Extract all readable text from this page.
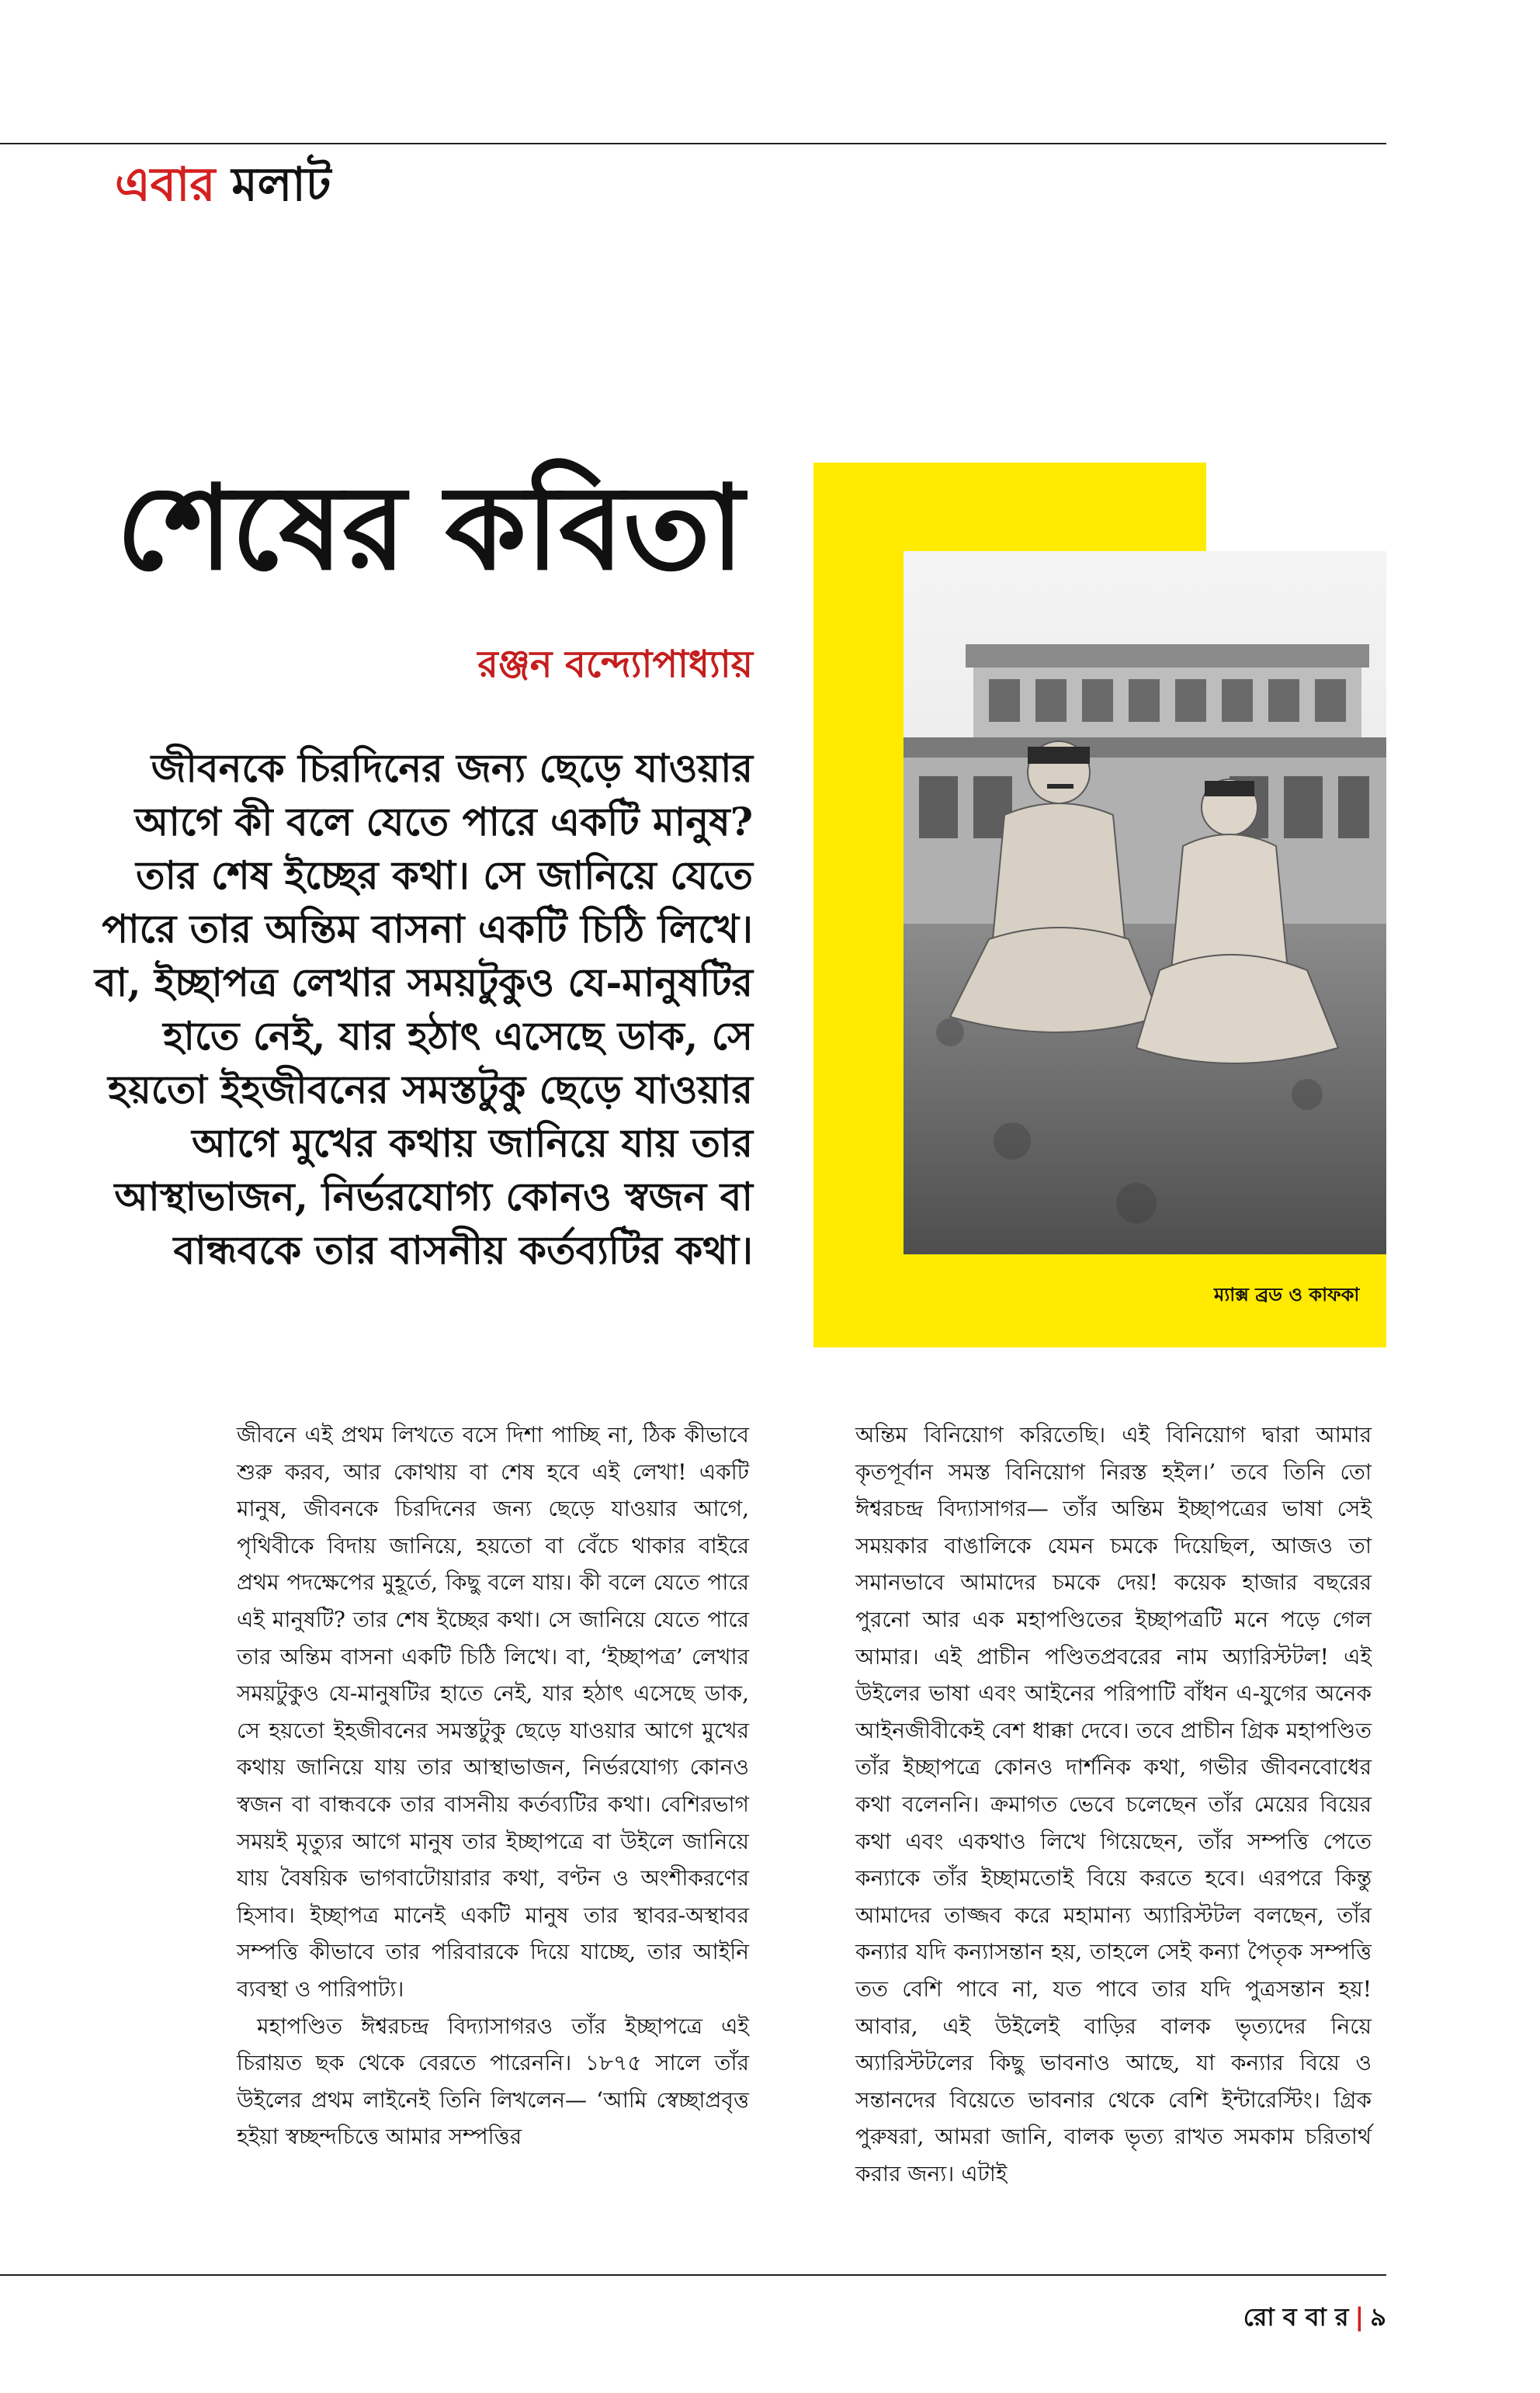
এবার মলাট
শেষের কবিতা

রঞ্জন বন্দ্যোপাধ্যায়

জীবনকে চিরদিনের জন্য ছেড়ে যাওয়ার আগে কী বলে যেতে পারে একটি মানুষ? তার শেষ ইচ্ছের কথা। সে জানিয়ে যেতে পারে তার অন্তিম বাসনা একটি চিঠি লিখে। বা, ইচ্ছাপত্র লেখার সময়টুকুও যে-মানুষটির হাতে নেই, যার হঠাৎ এসেছে ডাক, সে হয়তো ইহজীবনের সমস্তটুকু ছেড়ে যাওয়ার আগে মুখের কথায় জানিয়ে যায় তার আস্থাভাজন, নির্ভরযোগ্য কোনও স্বজন বা বান্ধবকে তার বাসনীয় কর্তব্যটির কথা।

ম্যাক্স ব্রড ও কাফকা

জীবনে এই প্রথম লিখতে বসে দিশা পাচ্ছি না, ঠিক কীভাবে শুরু করব, আর কোথায় বা শেষ হবে এই লেখা! একটি মানুষ, জীবনকে চিরদিনের জন্য ছেড়ে যাওয়ার আগে, পৃথিবীকে বিদায় জানিয়ে, হয়তো বা বেঁচে থাকার বাইরে প্রথম পদক্ষেপের মুহূর্তে, কিছু বলে যায়। কী বলে যেতে পারে এই মানুষটি? তার শেষ ইচ্ছের কথা। সে জানিয়ে যেতে পারে তার অন্তিম বাসনা একটি চিঠি লিখে। বা, ‘ইচ্ছাপত্র’ লেখার সময়টুকুও যে-মানুষটির হাতে নেই, যার হঠাৎ এসেছে ডাক, সে হয়তো ইহজীবনের সমস্তটুকু ছেড়ে যাওয়ার আগে মুখের কথায় জানিয়ে যায় তার আস্থাভাজন, নির্ভরযোগ্য কোনও স্বজন বা বান্ধবকে তার বাসনীয় কর্তব্যটির কথা। বেশিরভাগ সময়ই মৃত্যুর আগে মানুষ তার ইচ্ছাপত্রে বা উইলে জানিয়ে যায় বৈষয়িক ভাগবাটোয়ারার কথা, বণ্টন ও অংশীকরণের হিসাব। ইচ্ছাপত্র মানেই একটি মানুষ তার স্থাবর-অস্থাবর সম্পত্তি কীভাবে তার পরিবারকে দিয়ে যাচ্ছে, তার আইনি ব্যবস্থা ও পারিপাট্য।

মহাপণ্ডিত ঈশ্বরচন্দ্র বিদ্যাসাগরও তাঁর ইচ্ছাপত্রে এই চিরায়ত ছক থেকে বেরতে পারেননি। ১৮৭৫ সালে তাঁর উইলের প্রথম লাইনেই তিনি লিখলেন— ‘আমি স্বেচ্ছাপ্রবৃত্ত হইয়া স্বচ্ছন্দচিত্তে আমার সম্পত্তির

অন্তিম বিনিয়োগ করিতেছি। এই বিনিয়োগ দ্বারা আমার কৃতপূর্বান সমস্ত বিনিয়োগ নিরস্ত হইল।’ তবে তিনি তো ঈশ্বরচন্দ্র বিদ্যাসাগর— তাঁর অন্তিম ইচ্ছাপত্রের ভাষা সেই সময়কার বাঙালিকে যেমন চমকে দিয়েছিল, আজও তা সমানভাবে আমাদের চমকে দেয়! কয়েক হাজার বছরের পুরনো আর এক মহাপণ্ডিতের ইচ্ছাপত্রটি মনে পড়ে গেল আমার। এই প্রাচীন পণ্ডিতপ্রবরের নাম অ্যারিস্টটল! এই উইলের ভাষা এবং আইনের পরিপাটি বাঁধন এ-যুগের অনেক আইনজীবীকেই বেশ ধাক্কা দেবে। তবে প্রাচীন গ্রিক মহাপণ্ডিত তাঁর ইচ্ছাপত্রে কোনও দার্শনিক কথা, গভীর জীবনবোধের কথা বলেননি। ক্রমাগত ভেবে চলেছেন তাঁর মেয়ের বিয়ের কথা এবং একথাও লিখে গিয়েছেন, তাঁর সম্পত্তি পেতে কন্যাকে তাঁর ইচ্ছামতোই বিয়ে করতে হবে। এরপরে কিন্তু আমাদের তাজ্জব করে মহামান্য অ্যারিস্টটল বলছেন, তাঁর কন্যার যদি কন্যাসন্তান হয়, তাহলে সেই কন্যা পৈতৃক সম্পত্তি তত বেশি পাবে না, যত পাবে তার যদি পুত্রসন্তান হয়! আবার, এই উইলেই বাড়ির বালক ভৃত্যদের নিয়ে অ্যারিস্টটলের কিছু ভাবনাও আছে, যা কন্যার বিয়ে ও সন্তানদের বিয়েতে ভাবনার থেকে বেশি ইন্টারেস্টিং। গ্রিক পুরুষরা, আমরা জানি, বালক ভৃত্য রাখত সমকাম চরিতার্থ করার জন্য। এটাই

রো ব বা র | ৯
